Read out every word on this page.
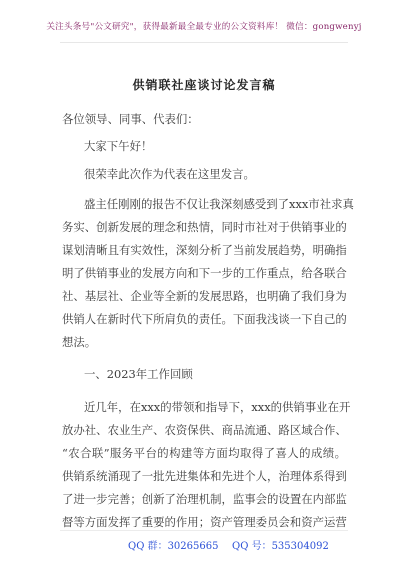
关注头条号"公文研究"，获得最新最全最专业的公文资料库！ 微信：gongwenyj
供销联社座谈讨论发言稿
各位领导、同事、代表们：
大家下午好！
很荣幸此次作为代表在这里发言。
盛主任刚刚的报告不仅让我深刻感受到了xxx市社求真
务实、创新发展的理念和热情，同时市社对于供销事业的
谋划清晰且有实效性，深刻分析了当前发展趋势，明确指
明了供销事业的发展方向和下一步的工作重点，给各联合
社、基层社、企业等全新的发展思路，也明确了我们身为
供销人在新时代下所肩负的责任。下面我浅谈一下自己的
想法。
一、2023年工作回顾
近几年，在xxx的带领和指导下，xxx的供销事业在开
放办社、农业生产、农资保供、商品流通、路区域合作、
“农合联”服务平台的构建等方面均取得了喜人的成绩。
供销系统涌现了一批先进集体和先进个人，治理体系得到
了进一步完善；创新了治理机制，监事会的设置在内部监
督等方面发挥了重要的作用；资产管理委员会和资产运营
QQ 群：30265665 QQ 号：535304092
